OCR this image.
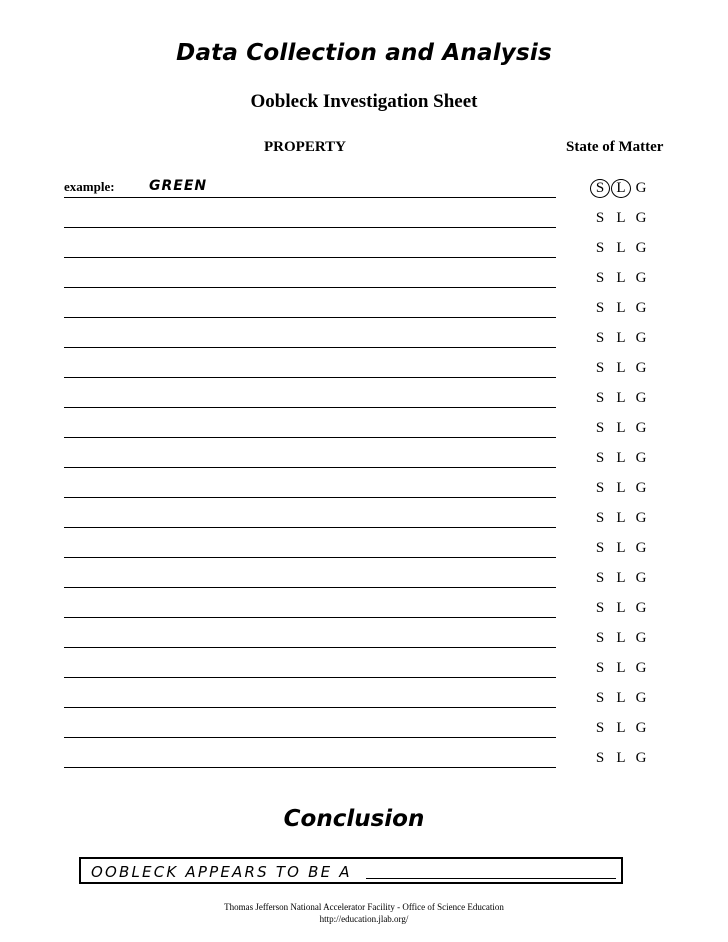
Data Collection and Analysis
Oobleck Investigation Sheet
PROPERTY	State of Matter
example: GREEN	S L G
S L G
S L G
S L G
S L G
S L G
S L G
S L G
S L G
S L G
S L G
S L G
S L G
S L G
S L G
S L G
S L G
S L G
S L G
S L G
Conclusion
OOBLECK APPEARS TO BE A
Thomas Jefferson National Accelerator Facility - Office of Science Education
http://education.jlab.org/
